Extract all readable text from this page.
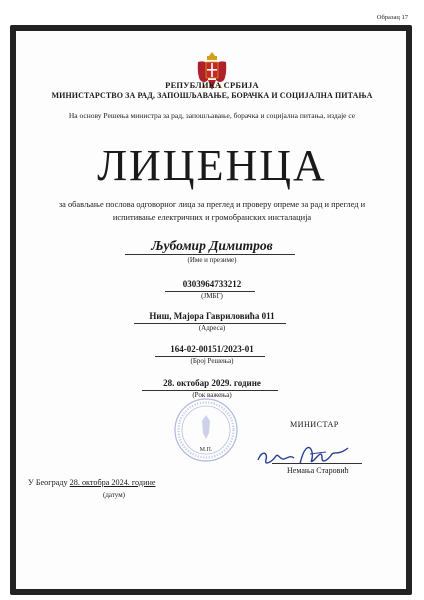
Образац 17
РЕПУБЛИКА СРБИЈА
МИНИСТАРСТВО ЗА РАД, ЗАПОШЉАВАЊЕ, БОРАЧКА И СОЦИЈАЛНА ПИТАЊА
На основу Решења министра за рад, запошљавање, борачка и социјална питања, издаје се
ЛИЦЕНЦА
за обављање послова одговорног лица за преглед и проверу опреме за рад и преглед и испитивање електричних и громобранских инсталација
Љубомир Димитров
(Име и презиме)
0303964733212
(ЈМБГ)
Ниш, Мајора Гавриловића 011
(Адреса)
164-02-00151/2023-01
(Број Решења)
28. октобар 2029. године
(Рок важења)
М.П.
МИНИСТАР
Немања Старовић
У Београду 28. октобра 2024. године
(датум)
